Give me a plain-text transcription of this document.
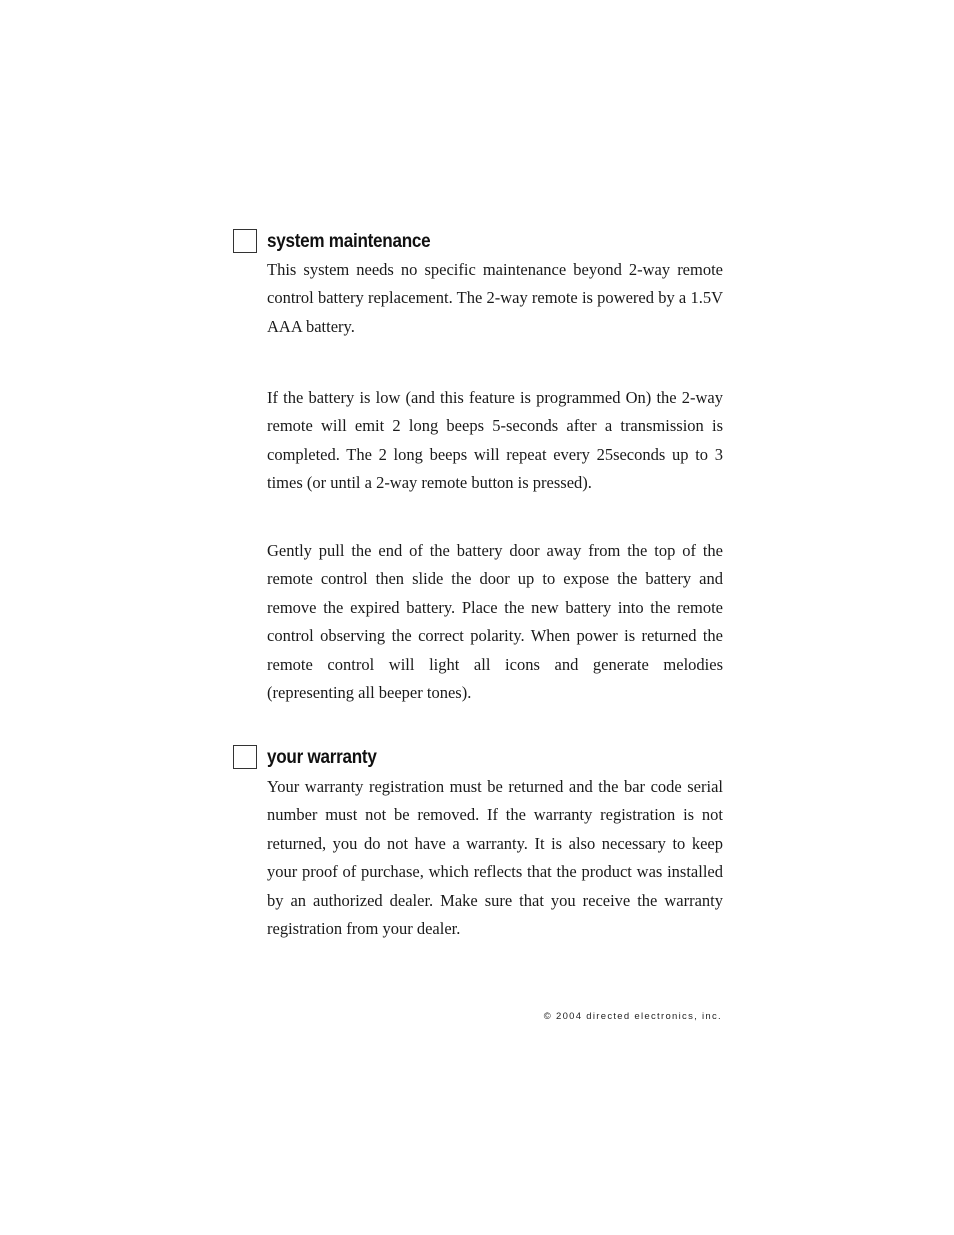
system maintenance

This system needs no specific maintenance beyond 2-way remote control battery replacement. The 2-way remote is powered by a 1.5V AAA battery.

If the battery is low (and this feature is programmed On) the 2-way remote will emit 2 long beeps 5-seconds after a transmission is completed. The 2 long beeps will repeat every 25seconds up to 3 times (or until a 2-way remote button is pressed).

Gently pull the end of the battery door away from the top of the remote control then slide the door up to expose the battery and remove the expired battery. Place the new battery into the remote control observing the correct polarity. When power is returned the remote control will light all icons and generate melodies (representing all beeper tones).

your warranty

Your warranty registration must be returned and the bar code serial number must not be removed. If the warranty registration is not returned, you do not have a warranty. It is also necessary to keep your proof of purchase, which reflects that the product was installed by an authorized dealer. Make sure that you receive the warranty registration from your dealer.

© 2004 directed electronics, inc.
